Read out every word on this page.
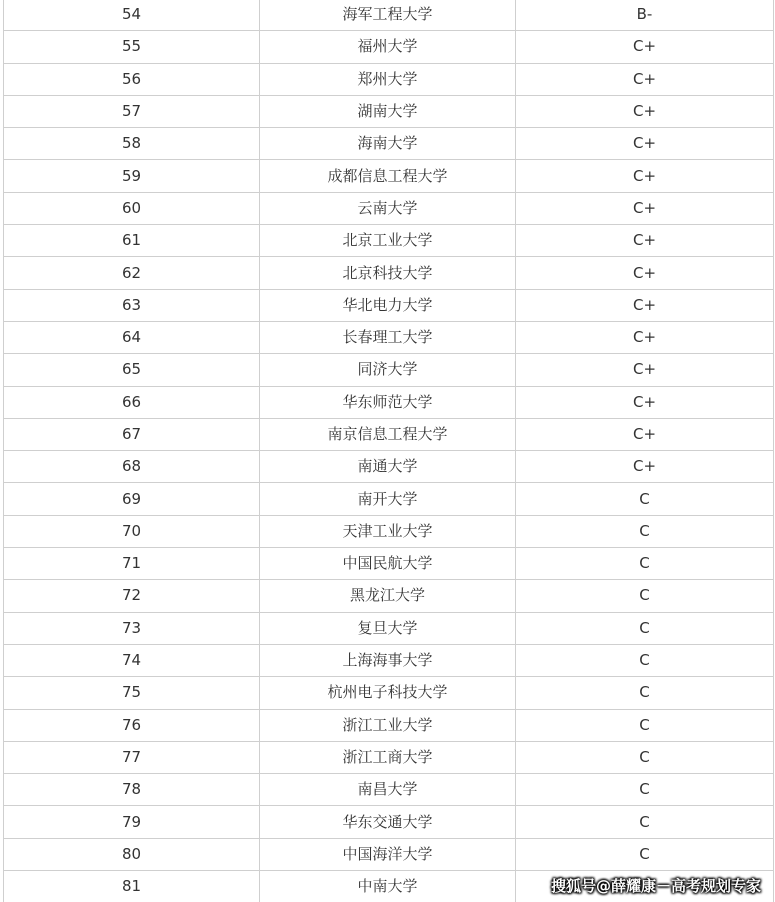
54	海军工程大学	B-
55	福州大学	C+
56	郑州大学	C+
57	湖南大学	C+
58	海南大学	C+
59	成都信息工程大学	C+
60	云南大学	C+
61	北京工业大学	C+
62	北京科技大学	C+
63	华北电力大学	C+
64	长春理工大学	C+
65	同济大学	C+
66	华东师范大学	C+
67	南京信息工程大学	C+
68	南通大学	C+
69	南开大学	C
70	天津工业大学	C
71	中国民航大学	C
72	黑龙江大学	C
73	复旦大学	C
74	上海海事大学	C
75	杭州电子科技大学	C
76	浙江工业大学	C
77	浙江工商大学	C
78	南昌大学	C
79	华东交通大学	C
80	中国海洋大学	C
81	中南大学		搜狐号@薛耀康－高考规划专家
